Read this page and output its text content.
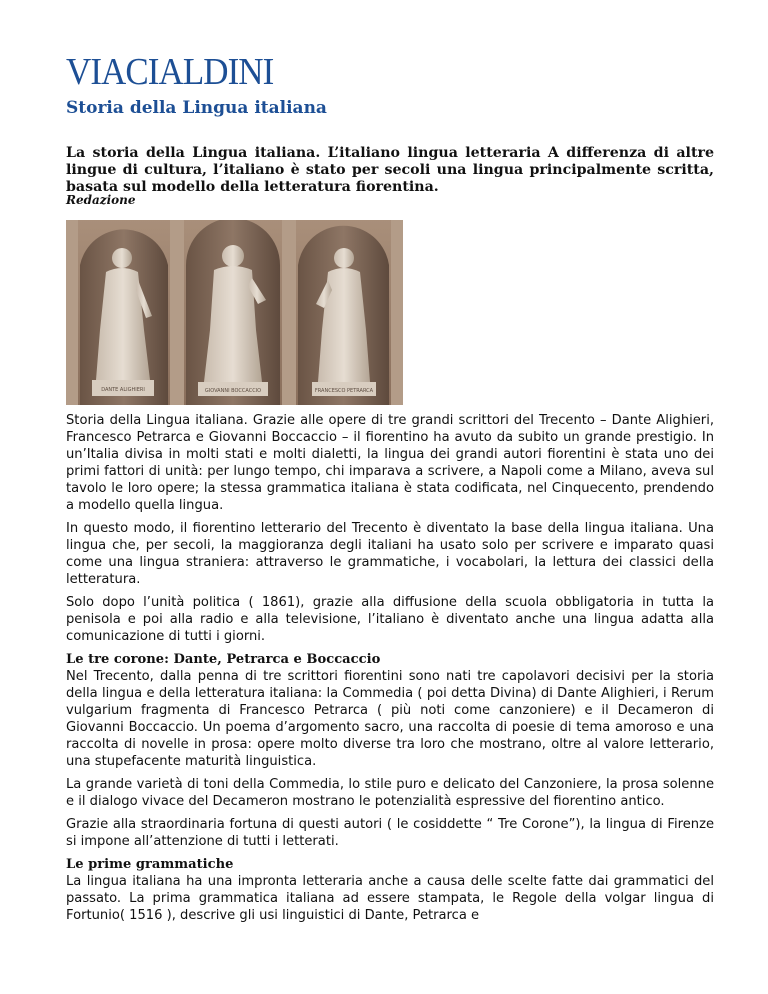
VIACIALDINI
Storia della Lingua italiana
La storia della Lingua italiana. L’italiano lingua letteraria A differenza di altre lingue di cultura, l’italiano è stato per secoli una lingua principalmente scritta, basata sul modello della letteratura fiorentina.
Redazione
DANTE ALIGHIERI	GIOVANNI BOCCACCIO	FRANCESCO PETRARCA

Storia della Lingua italiana. Grazie alle opere di tre grandi scrittori del Trecento – Dante Alighieri, Francesco Petrarca e Giovanni Boccaccio – il fiorentino ha avuto da subito un grande prestigio. In un’Italia divisa in molti stati e molti dialetti, la lingua dei grandi autori fiorentini è stata uno dei primi fattori di unità: per lungo tempo, chi imparava a scrivere, a Napoli come a Milano, aveva sul tavolo le loro opere; la stessa grammatica italiana è stata codificata, nel Cinquecento, prendendo a modello quella lingua.

In questo modo, il fiorentino letterario del Trecento è diventato la base della lingua italiana. Una lingua che, per secoli, la maggioranza degli italiani ha usato solo per scrivere e imparato quasi come una lingua straniera: attraverso le grammatiche, i vocabolari, la lettura dei classici della letteratura.

Solo dopo l’unità politica ( 1861), grazie alla diffusione della scuola obbligatoria in tutta la penisola e poi alla radio e alla televisione, l’italiano è diventato anche una lingua adatta alla comunicazione di tutti i giorni.

Le tre corone: Dante, Petrarca e Boccaccio

Nel Trecento, dalla penna di tre scrittori fiorentini sono nati tre capolavori decisivi per la storia della lingua e della letteratura italiana: la Commedia ( poi detta Divina) di Dante Alighieri, i Rerum vulgarium fragmenta di Francesco Petrarca ( più noti come canzoniere) e il Decameron di Giovanni Boccaccio. Un poema d’argomento sacro, una raccolta di poesie di tema amoroso e una raccolta di novelle in prosa: opere molto diverse tra loro che mostrano, oltre al valore letterario, una stupefacente maturità linguistica.

La grande varietà di toni della Commedia, lo stile puro e delicato del Canzoniere, la prosa solenne e il dialogo vivace del Decameron mostrano le potenzialità espressive del fiorentino antico.

Grazie alla straordinaria fortuna di questi autori ( le cosiddette “ Tre Corone”), la lingua di Firenze si impone all’attenzione di tutti i letterati.

Le prime grammatiche

La lingua italiana ha una impronta letteraria anche a causa delle scelte fatte dai grammatici del passato. La prima grammatica italiana ad essere stampata, le Regole della volgar lingua di Fortunio( 1516 ), descrive gli usi linguistici di Dante, Petrarca e
